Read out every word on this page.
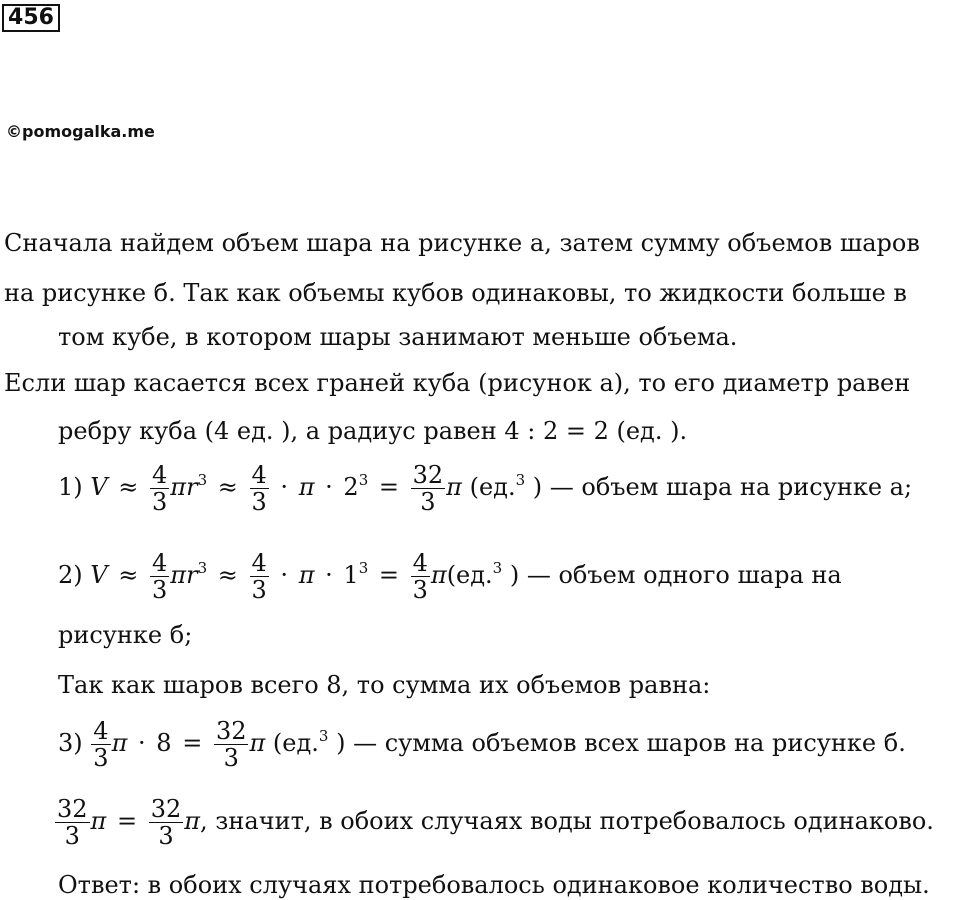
456
©pomogalka.me
Сначала найдем объем шара на рисунке а, затем сумму объемов шаров
на рисунке б. Так как объемы кубов одинаковы, то жидкости больше в
том кубе, в котором шары занимают меньше объема.
Если шар касается всех граней куба (рисунок а), то его диаметр равен
ребру куба (4 ед. ), а радиус равен 4 : 2 = 2 (ед. ).
1) $V \approx \frac{4}{3} \pi r^3 \approx \frac{4}{3} \cdot \pi \cdot 2^3 = \frac{32}{3}$ π (ед.$^3$ ) — объем шара на рисунке а;
2) $V \approx \frac{4}{3} \pi r^3 \approx \frac{4}{3} \cdot \pi \cdot 1^3 = \frac{4}{3} \pi(ед.^3$ ) — объем одного шара на
рисунке б;
Так как шаров всего 8, то сумма их объемов равна:
$3) \frac{4}{3}$ $\pi \cdot 8 = \frac{32}{3}$ π (ед.$^3$ ) — сумма объемов всех шаров на рисунке б.
$\frac{32}{3}$ $\pi = \frac{32}{3} \pi$, значит, в обоих случаях воды потребовалось одинаково.
Ответ: в обоих случаях потребовалось одинаковое количество воды.
